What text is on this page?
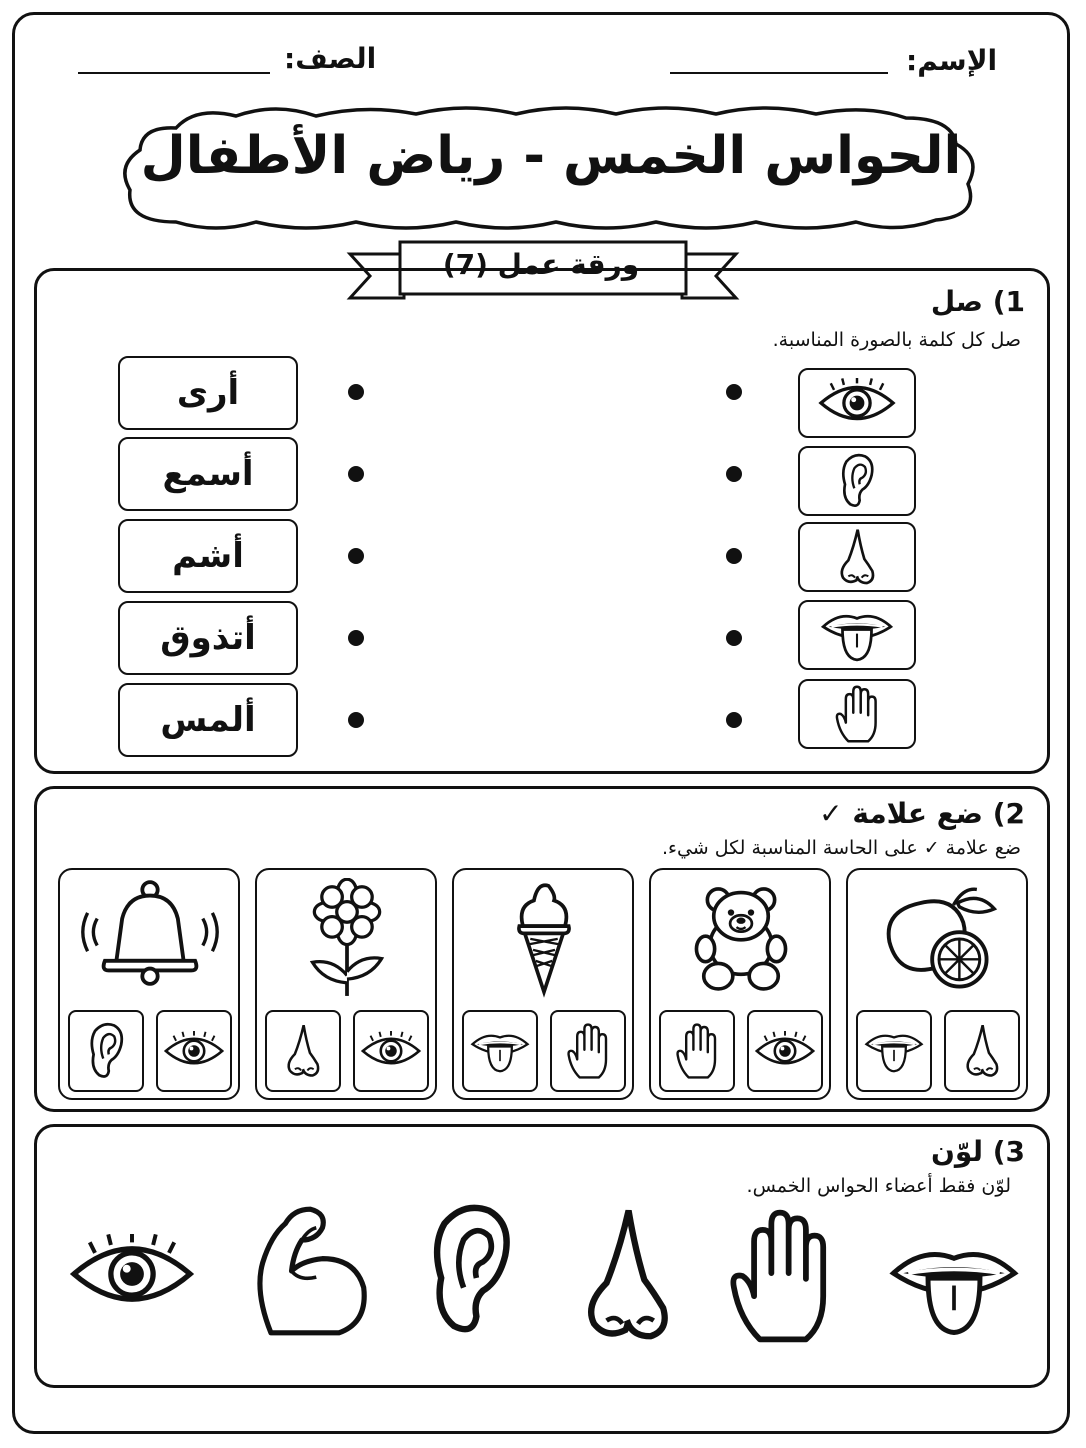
الإسم:
الصف:
الحواس الخمس - رياض الأطفال
ورقة عمل (7)
1) صل
صل كل كلمة بالصورة المناسبة.
أرى
أسمع
أشم
أتذوق
ألمس
2) ضع علامة ✓
ضع علامة ✓ على الحاسة المناسبة لكل شيء.
3) لوّن
لوّن فقط أعضاء الحواس الخمس.
